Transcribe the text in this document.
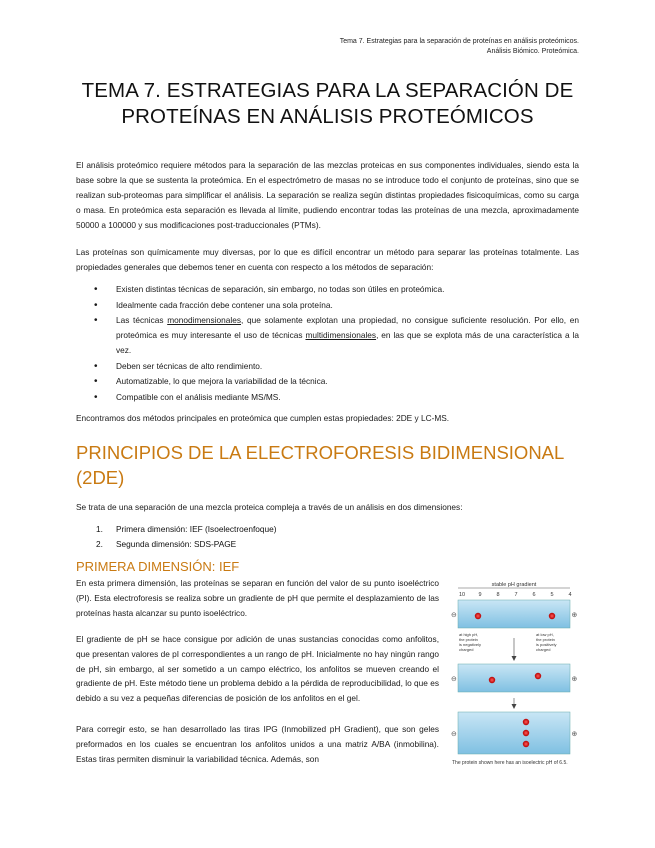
Tema 7. Estrategias para la separación de proteínas en análisis proteómicos.
Análisis Biómico. Proteómica.
TEMA 7. ESTRATEGIAS PARA LA SEPARACIÓN DE
PROTEÍNAS EN ANÁLISIS PROTEÓMICOS

El análisis proteómico requiere métodos para la separación de las mezclas proteicas en sus componentes individuales, siendo esta la base sobre la que se sustenta la proteómica. En el espectrómetro de masas no se introduce todo el conjunto de proteínas, sino que se realizan sub-proteomas para simplificar el análisis. La separación se realiza según distintas propiedades fisicoquímicas, como su carga o masa. En proteómica esta separación es llevada al límite, pudiendo encontrar todas las proteínas de una mezcla, aproximadamente 50000 a 100000 y sus modificaciones post-traduccionales (PTMs).

Las proteínas son químicamente muy diversas, por lo que es difícil encontrar un método para separar las proteínas totalmente. Las propiedades generales que debemos tener en cuenta con respecto a los métodos de separación:

• Existen distintas técnicas de separación, sin embargo, no todas son útiles en proteómica.
• Idealmente cada fracción debe contener una sola proteína.
• Las técnicas monodimensionales, que solamente explotan una propiedad, no consigue suficiente resolución. Por ello, en proteómica es muy interesante el uso de técnicas multidimensionales, en las que se explota más de una característica a la vez.
• Deben ser técnicas de alto rendimiento.
• Automatizable, lo que mejora la variabilidad de la técnica.
• Compatible con el análisis mediante MS/MS.

Encontramos dos métodos principales en proteómica que cumplen estas propiedades: 2DE y LC-MS.

PRINCIPIOS DE LA ELECTROFORESIS BIDIMENSIONAL
(2DE)

Se trata de una separación de una mezcla proteica compleja a través de un análisis en dos dimensiones:

1. Primera dimensión: IEF (Isoelectroenfoque)
2. Segunda dimensión: SDS-PAGE
PRIMERA DIMENSIÓN: IEF

En esta primera dimensión, las proteínas se separan en función del valor de su punto isoeléctrico (PI). Esta electroforesis se realiza sobre un gradiente de pH que permite el desplazamiento de las proteínas hasta alcanzar su punto isoeléctrico.

El gradiente de pH se hace consigue por adición de unas sustancias conocidas como anfolitos, que presentan valores de pI correspondientes a un rango de pH. Inicialmente no hay ningún rango de pH, sin embargo, al ser sometido a un campo eléctrico, los anfolitos se mueven creando el gradiente de pH. Este método tiene un problema debido a la pérdida de reproducibilidad, lo que es debido a su vez a pequeñas diferencias de posición de los anfolitos en el gel.

Para corregir esto, se han desarrollado las tiras IPG (Inmobilized pH Gradient), que son geles preformados en los cuales se encuentran los anfolitos unidos a una matriz A/BA (inmobilina). Estas tiras permiten disminuir la variabilidad técnica. Además, son

stable pH gradient
10 9	8	7	6	5	4
⊖	⊕
at high pH,
the protein
is negatively
charged
at low pH,
the protein
is positively
charged
⊖	⊕
⊖	⊕
The protein shown here has an isoelectric pH of 6.5.
